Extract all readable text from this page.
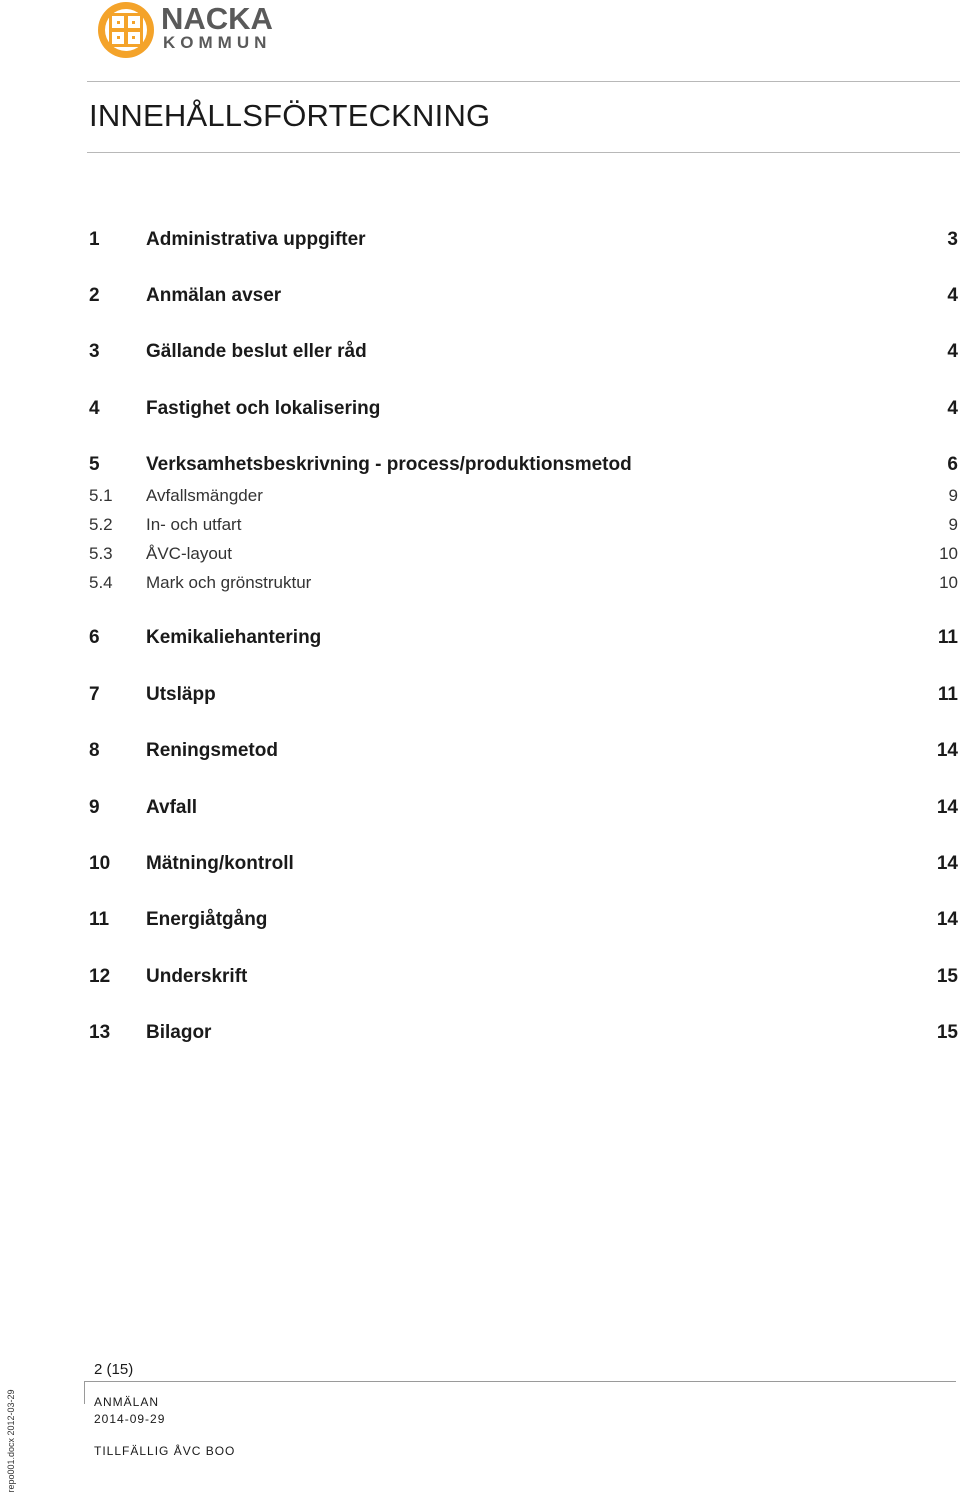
NACKA
KOMMUN
INNEHÅLLSFÖRTECKNING
1 Administrativa uppgifter	3
2 Anmälan avser	4
3 Gällande beslut eller råd	4
4 Fastighet och lokalisering	4
5 Verksamhetsbeskrivning - process/produktionsmetod	6
5.1 Avfallsmängder	9
5.2 In- och utfart	9
5.3 ÅVC-layout	10
5.4 Mark och grönstruktur	10
6 Kemikaliehantering	11
7 Utsläpp	11
8 Reningsmetod	14
9 Avfall	14
10 Mätning/kontroll	14
11 Energiåtgång	14
12 Underskrift	15
13 Bilagor	15
2 (15)
ANMÄLAN
2014-09-29
TILLFÄLLIG ÅVC BOO
repo001.docx 2012-03-29
